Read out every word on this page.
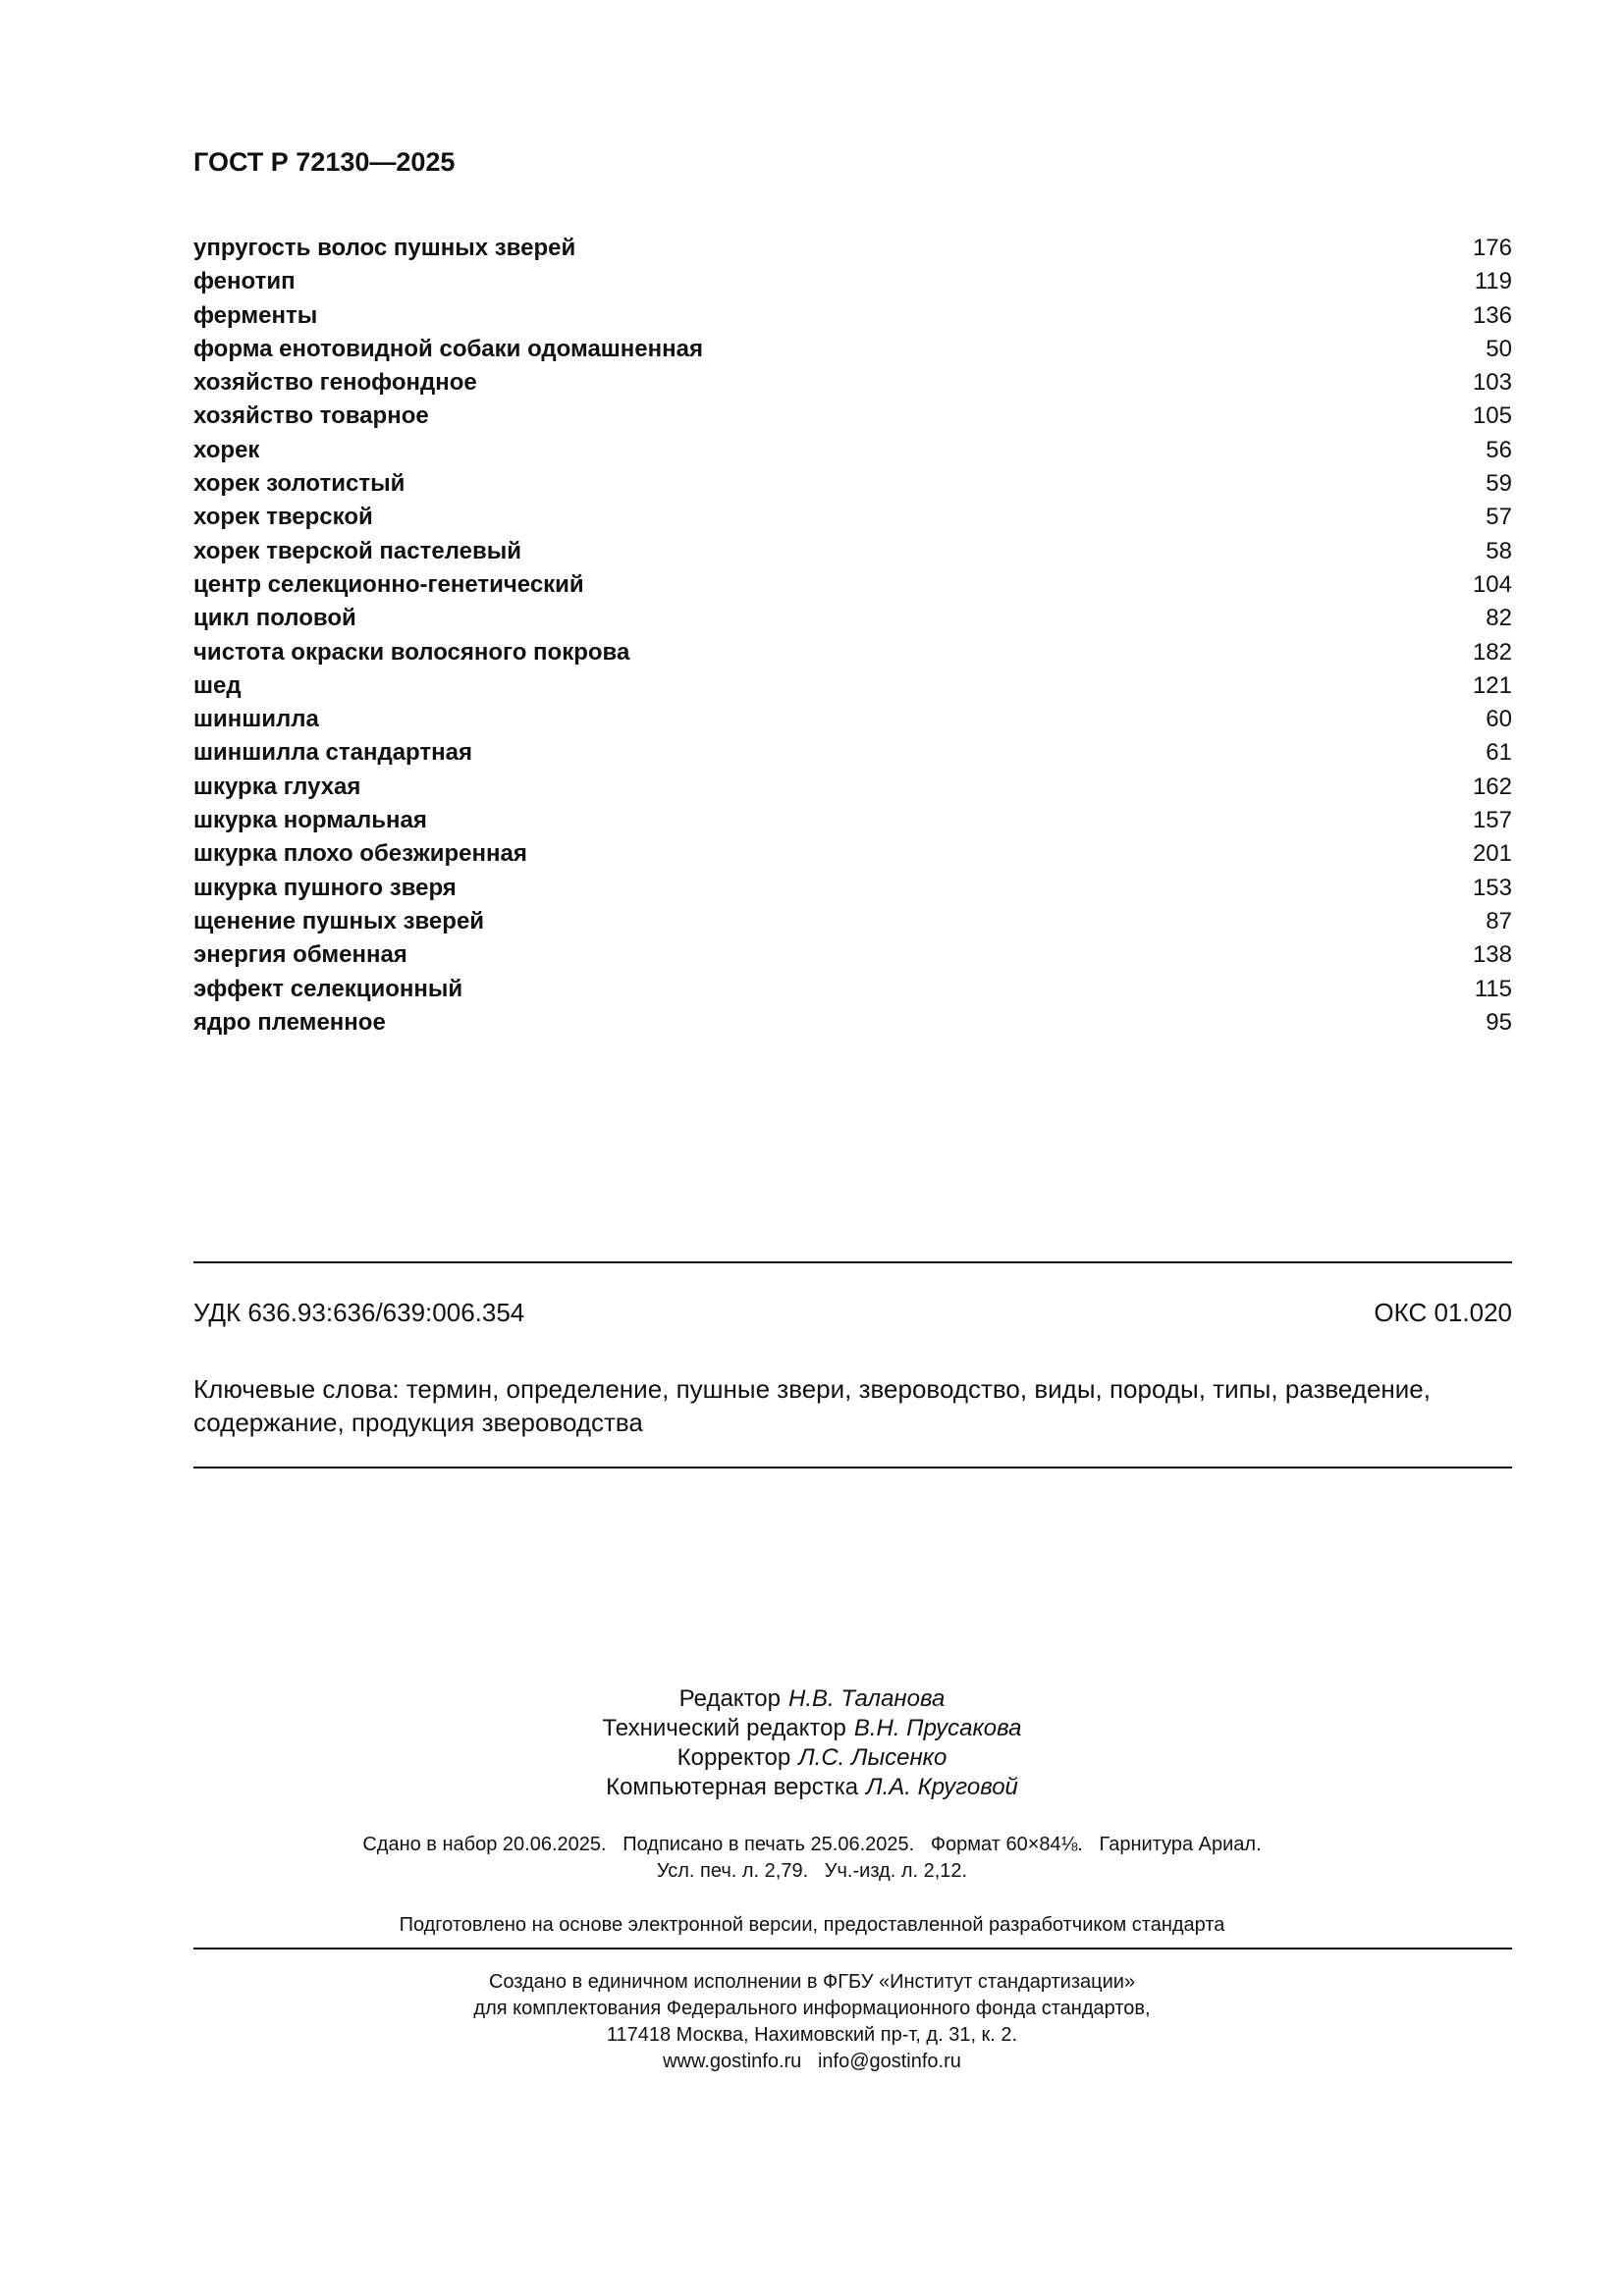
ГОСТ Р 72130—2025
упругость волос пушных зверей	176
фенотип	119
ферменты	136
форма енотовидной собаки одомашненная	50
хозяйство генофондное	103
хозяйство товарное	105
хорек	56
хорек золотистый	59
хорек тверской	57
хорек тверской пастелевый	58
центр селекционно-генетический	104
цикл половой	82
чистота окраски волосяного покрова	182
шед	121
шиншилла	60
шиншилла стандартная	61
шкурка глухая	162
шкурка нормальная	157
шкурка плохо обезжиренная	201
шкурка пушного зверя	153
щенение пушных зверей	87
энергия обменная	138
эффект селекционный	115
ядро племенное	95
УДК 636.93:636/639:006.354	ОКС 01.020
Ключевые слова: термин, определение, пушные звери, звероводство, виды, породы, типы, разведение, содержание, продукция звероводства
Редактор Н.В. Таланова
Технический редактор В.Н. Прусакова
Корректор Л.С. Лысенко
Компьютерная верстка Л.А. Круговой
Сдано в набор 20.06.2025.   Подписано в печать 25.06.2025.   Формат 60×84⅛.   Гарнитура Ариал.
Усл. печ. л. 2,79.   Уч.-изд. л. 2,12.
Подготовлено на основе электронной версии, предоставленной разработчиком стандарта
Создано в единичном исполнении в ФГБУ «Институт стандартизации»
для комплектования Федерального информационного фонда стандартов,
117418 Москва, Нахимовский пр-т, д. 31, к. 2.
www.gostinfo.ru   info@gostinfo.ru
